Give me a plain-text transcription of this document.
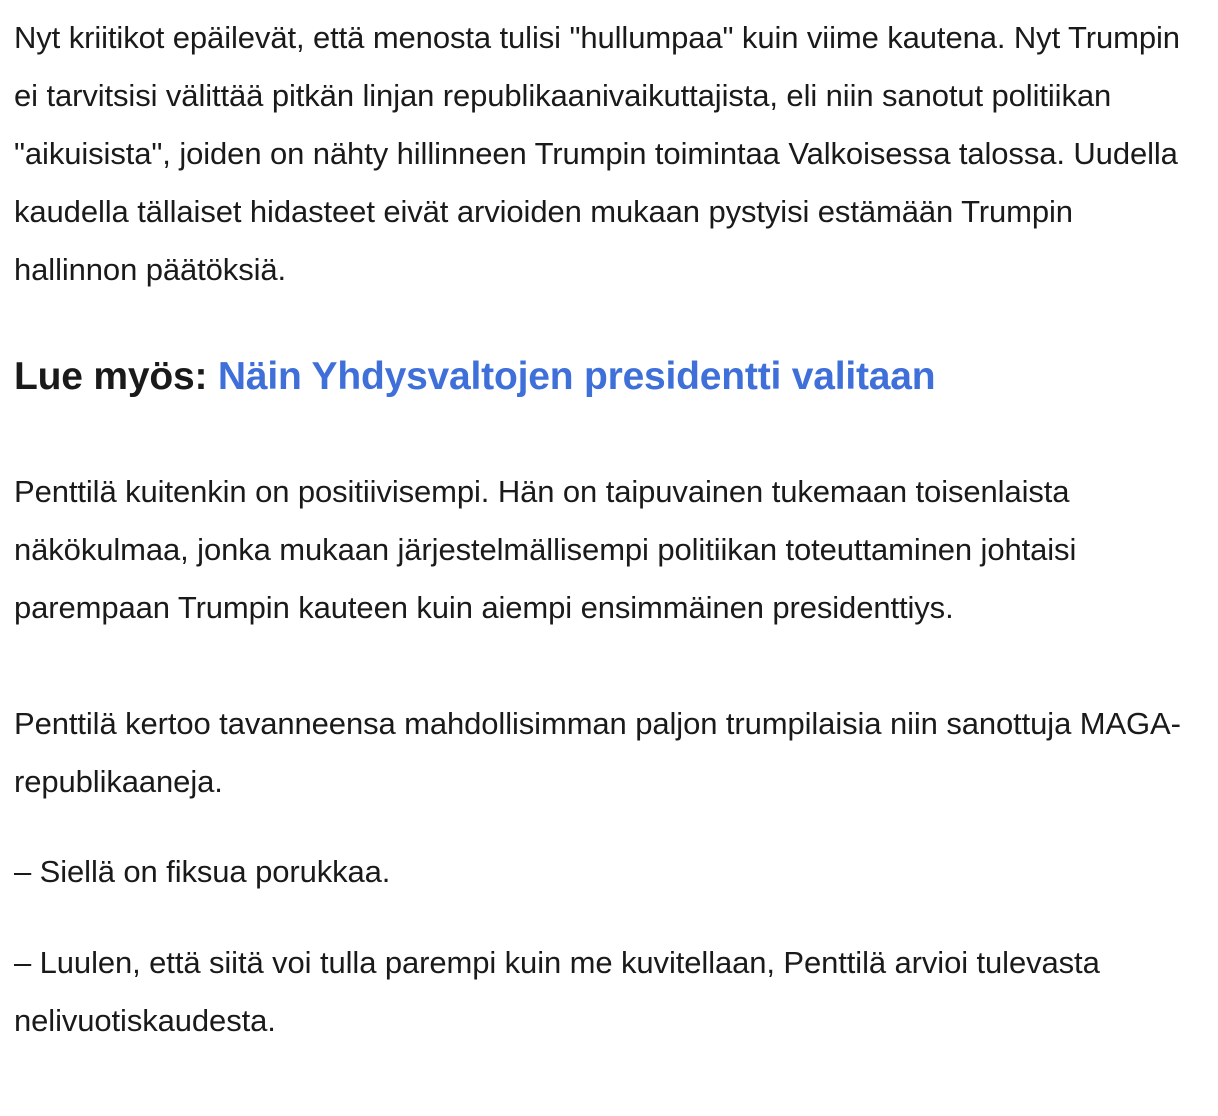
Nyt kriitikot epäilevät, että menosta tulisi "hullumpaa" kuin viime kautena. Nyt Trumpin ei tarvitsisi välittää pitkän linjan republikaanivaikuttajista, eli niin sanotut politiikan "aikuisista", joiden on nähty hillinneen Trumpin toimintaa Valkoisessa talossa. Uudella kaudella tällaiset hidasteet eivät arvioiden mukaan pystyisi estämään Trumpin hallinnon päätöksiä.

Lue myös: Näin Yhdysvaltojen presidentti valitaan

Penttilä kuitenkin on positiivisempi. Hän on taipuvainen tukemaan toisenlaista näkökulmaa, jonka mukaan järjestelmällisempi politiikan toteuttaminen johtaisi parempaan Trumpin kauteen kuin aiempi ensimmäinen presidenttiys.

Penttilä kertoo tavanneensa mahdollisimman paljon trumpilaisia niin sanottuja MAGA-republikaaneja.

– Siellä on fiksua porukkaa.

– Luulen, että siitä voi tulla parempi kuin me kuvitellaan, Penttilä arvioi tulevasta nelivuotiskaudesta.
